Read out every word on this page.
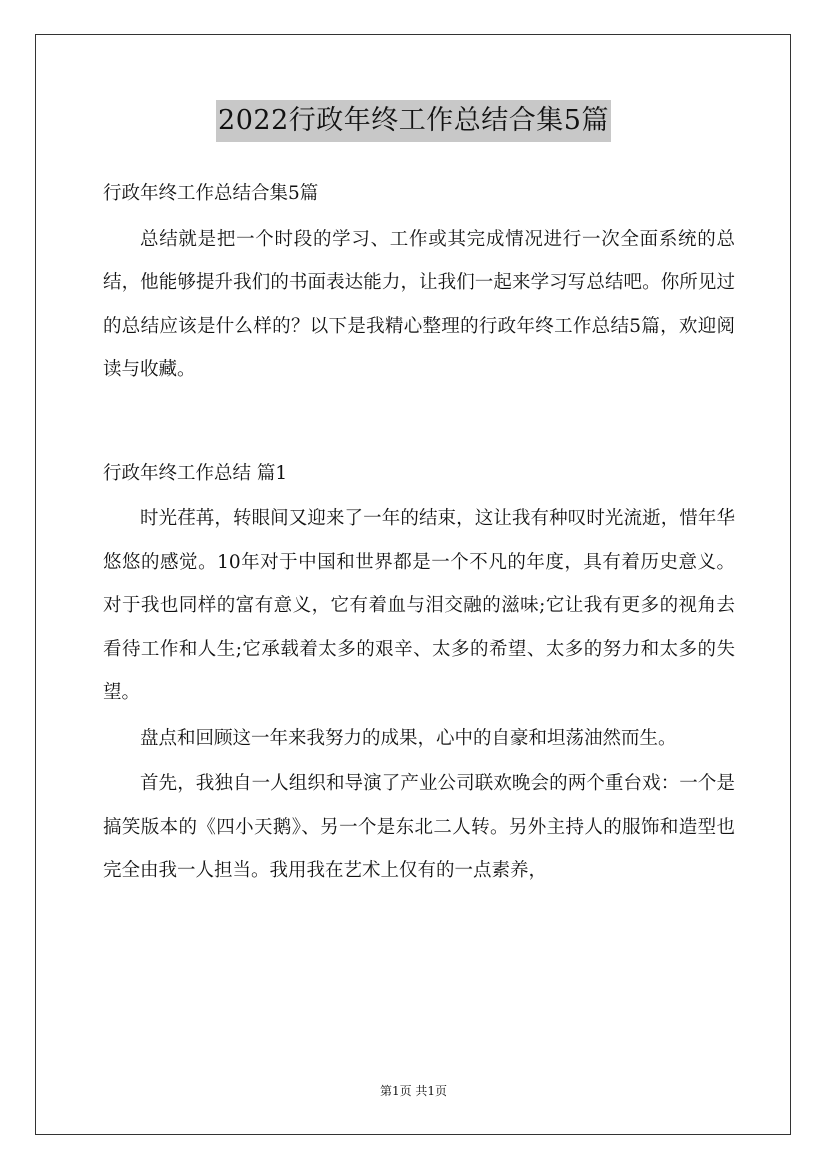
2022行政年终工作总结合集5篇

行政年终工作总结合集5篇

总结就是把一个时段的学习、工作或其完成情况进行一次全面系统的总结，他能够提升我们的书面表达能力，让我们一起来学习写总结吧。你所见过的总结应该是什么样的？以下是我精心整理的行政年终工作总结5篇，欢迎阅读与收藏。

行政年终工作总结 篇1

时光荏苒，转眼间又迎来了一年的结束，这让我有种叹时光流逝，惜年华悠悠的感觉。10年对于中国和世界都是一个不凡的年度，具有着历史意义。对于我也同样的富有意义，它有着血与泪交融的滋味;它让我有更多的视角去看待工作和人生;它承载着太多的艰辛、太多的希望、太多的努力和太多的失望。

盘点和回顾这一年来我努力的成果，心中的自豪和坦荡油然而生。

首先，我独自一人组织和导演了产业公司联欢晚会的两个重台戏：一个是搞笑版本的《四小天鹅》、另一个是东北二人转。另外主持人的服饰和造型也完全由我一人担当。我用我在艺术上仅有的一点素养，

第1页 共1页
